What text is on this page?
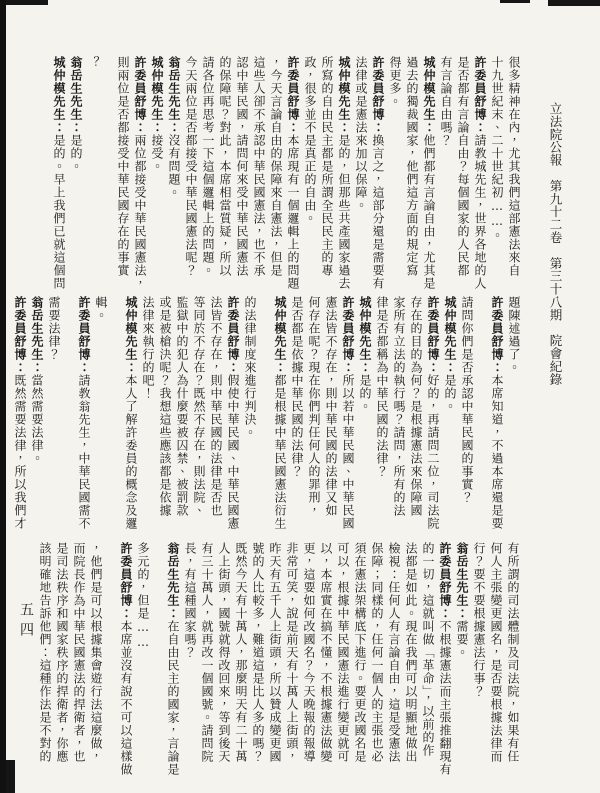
立法院公報　第九十二卷　第三十八期　院會紀錄
五四

很多精神在內，尤其我們這部憲法來自

十九世紀末、二十世紀初……。

許委員舒博：請教城先生，世界各地的人

是否都有言論自由？每個國家的人民都

有言論自由嗎？

城仲模先生：他們都有言論自由，尤其是

過去的獨裁國家，他們這方面的規定寫

得更多。

許委員舒博：換言之，這部分還是需要有

法律或是憲法來加以保障。

城仲模先生：是的，但那些共產國家過去

所寫的自由民主都是所謂全民民主的專

政，很多並不是真正的自由。

許委員舒博：本席現有一個邏輯上的問題

，今天言論自由的保障來自憲法，但是

這些人卻不承認中華民國憲法，也不承

認中華民國，請問何來受中華民國憲法

的保障呢？對此，本席相當質疑，所以

請各位再思考一下這個邏輯上的問題。

今天兩位是否都接受中華民國憲法呢？

翁岳生先生：沒有問題。

城仲模先生：接受。

許委員舒博：兩位都接受中華民國憲法，

則兩位是否都接受中華民國存在的事實

？

翁岳生先生：是的。

城仲模先生：是的。早上我們已就這個問

題陳述過了。

許委員舒博：本席知道，不過本席還是要

請問你們是否承認中華民國的事實？

城仲模先生：是的。

許委員舒博：好的，再請問二位，司法院

存在的目的為何？是根據憲法來保障國

家所有立法的執行嗎？請問，所有的法

律是否都稱為中華民國的法律？

城仲模先生：是的。

許委員舒博：所以若中華民國、中華民國

憲法皆不存在，則中華民國的法律又如

何存在呢？現在你們判任何人的罪刑，

是否都是依據中華民國的法律？

城仲模先生：都是根據中華民國憲法衍生

的法律制度來進行判決。

許委員舒博：假使中華民國、中華民國憲

法皆不存在，則中華民國的法律是否也

等同於不存在？既然不存在，則法院、

監獄中的犯人為什麼要被囚禁、被罰款

或是被槍決呢？我想這些應該都是依據

法律來執行的吧！

城仲模先生：本人了解許委員的概念及邏

輯。

許委員舒博：請教翁先生，中華民國需不

需要法律？

翁岳生先生：當然需要法律。

許委員舒博：既然需要法律，所以我們才

有所謂的司法體制及司法院，如果有任

何人主張變更國名，是否要根據法律而

行？要不要根據憲法行事？

翁岳生先生：需要。

許委員舒博：不根據憲法而主張推翻現有

的一切，這就叫做「革命」，以前的作

法都是如此。現在我們可以明顯地做出

檢視：任何人有言論自由，這是受憲法

保障；同樣的，任何一個人的主張也必

須在憲法架構底下進行。要更改國名是

可以，根據中華民國憲法進行變更就可

以，本席實在搞不懂，不根據憲法做變

更，這要如何改國名？今天晚報的報導

非常可笑，說是前天有十萬人上街頭，

昨天有五千人上街頭，所以贊成變更國

號的人比較多，難道這是比人多的嗎？

既然今天有十萬人，那麼明天有二十萬

人上街頭，國號就得改回來，等到後天

有三十萬人，就再改一個國號。請問院

長，有這種國家嗎？

翁岳生先生：在自由民主的國家，言論是

多元的，但是……

許委員舒博：本席並沒有說不可以這樣做

，他們是可以根據集會遊行法這麼做，

而院長作為中華民國憲法的捍衛者，也

是司法秩序和國家秩序的捍衛者，你應

該明確地告訴他們：這種作法是不對的
